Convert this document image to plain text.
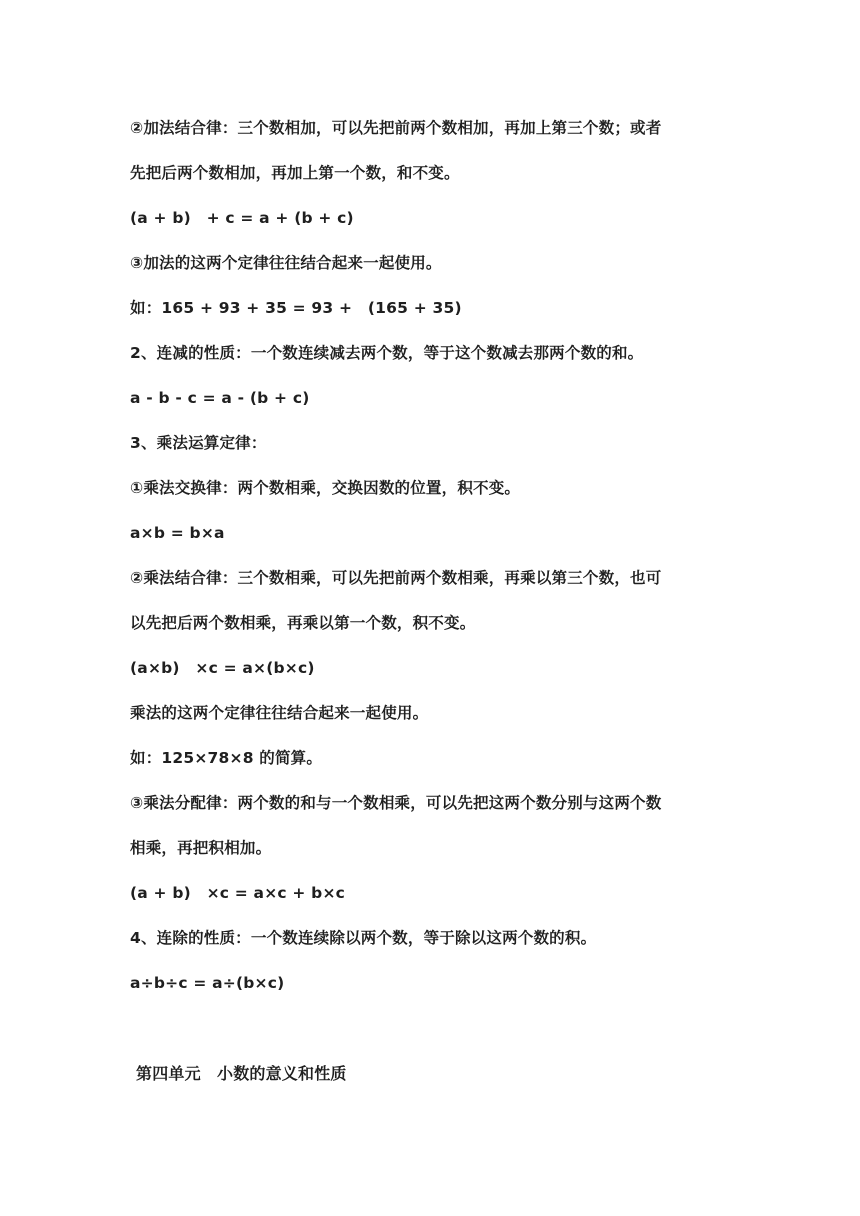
②加法结合律：三个数相加，可以先把前两个数相加，再加上第三个数；或者
先把后两个数相加，再加上第一个数，和不变。
(a + b)　+ c = a + (b + c)
③加法的这两个定律往往结合起来一起使用。
如：165 + 93 + 35 = 93 +　(165 + 35)
2、连减的性质：一个数连续减去两个数，等于这个数减去那两个数的和。
a - b - c = a - (b + c)
3、乘法运算定律：
①乘法交换律：两个数相乘，交换因数的位置，积不变。
a×b = b×a
②乘法结合律：三个数相乘，可以先把前两个数相乘，再乘以第三个数，也可
以先把后两个数相乘，再乘以第一个数，积不变。
(a×b)　×c = a×(b×c)
乘法的这两个定律往往结合起来一起使用。
如：125×78×8 的简算。
③乘法分配律：两个数的和与一个数相乘，可以先把这两个数分别与这两个数
相乘，再把积相加。
(a + b)　×c = a×c + b×c
4、连除的性质：一个数连续除以两个数，等于除以这两个数的积。
a÷b÷c = a÷(b×c)
第四单元　小数的意义和性质
